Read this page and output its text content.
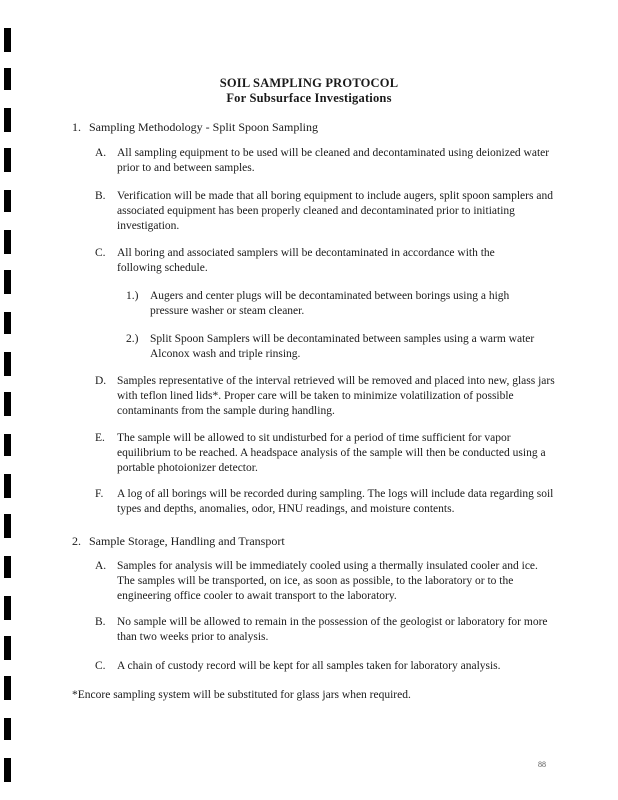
SOIL SAMPLING PROTOCOL
For Subsurface Investigations
1. Sampling Methodology - Split Spoon Sampling
A. All sampling equipment to be used will be cleaned and decontaminated using deionized water prior to and between samples.
B. Verification will be made that all boring equipment to include augers, split spoon samplers and associated equipment has been properly cleaned and decontaminated prior to initiating investigation.
C. All boring and associated samplers will be decontaminated in accordance with the following schedule.
1.) Augers and center plugs will be decontaminated between borings using a high pressure washer or steam cleaner.
2.) Split Spoon Samplers will be decontaminated between samples using a warm water Alconox wash and triple rinsing.
D. Samples representative of the interval retrieved will be removed and placed into new, glass jars with teflon lined lids*. Proper care will be taken to minimize volatilization of possible contaminants from the sample during handling.
E. The sample will be allowed to sit undisturbed for a period of time sufficient for vapor equilibrium to be reached. A headspace analysis of the sample will then be conducted using a portable photoionizer detector.
F. A log of all borings will be recorded during sampling. The logs will include data regarding soil types and depths, anomalies, odor, HNU readings, and moisture contents.
2. Sample Storage, Handling and Transport
A. Samples for analysis will be immediately cooled using a thermally insulated cooler and ice. The samples will be transported, on ice, as soon as possible, to the laboratory or to the engineering office cooler to await transport to the laboratory.
B. No sample will be allowed to remain in the possession of the geologist or laboratory for more than two weeks prior to analysis.
C. A chain of custody record will be kept for all samples taken for laboratory analysis.
*Encore sampling system will be substituted for glass jars when required.
88
